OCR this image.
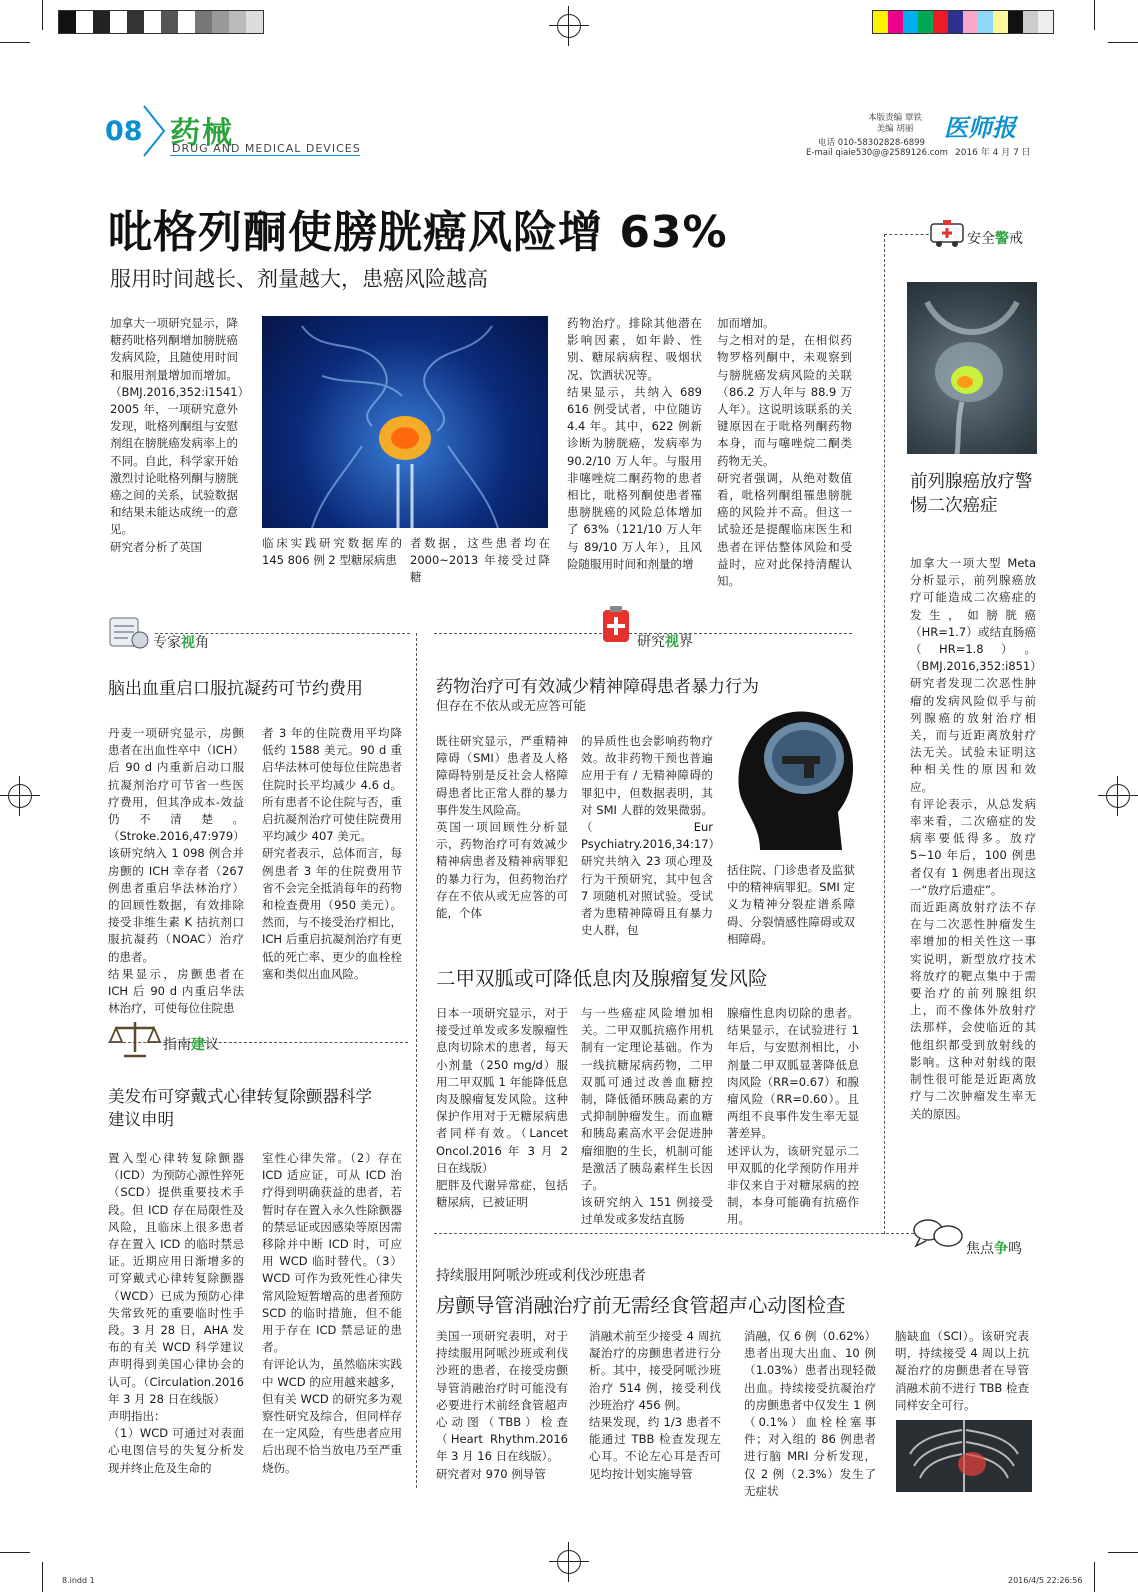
08 药械
DRUG AND MEDICAL DEVICES
本版责编 覃铁
美编 胡丽
电话 010-58302828-6899
E-mail qiaie530@@2589126.com
医师报
2016 年 4 月 7 日
吡格列酮使膀胱癌风险增 63%
服用时间越长、剂量越大，患癌风险越高
加拿大一项研究显示，降糖药吡格列酮增加膀胱癌发病风险，且随使用时间和服用剂量增加而增加。（BMJ.2016,352:i1541）
2005 年，一项研究意外发现，吡格列酮组与安慰剂组在膀胱癌发病率上的不同。自此，科学家开始激烈讨论吡格列酮与膀胱癌之间的关系，试验数据和结果未能达成统一的意见。
研究者分析了英国	临床实践研究数据库的 145 806 例 2 型糖尿病患
者数据，这些患者均在 2000~2013 年接受过降糖
药物治疗。排除其他潜在影响因素，如年龄、性别、糖尿病病程、吸烟状况、饮酒状况等。
结果显示，共纳入 689 616 例受试者，中位随访 4.4 年。其中，622 例新诊断为膀胱癌，发病率为 90.2/10 万人年。与服用非噻唑烷二酮药物的患者相比，吡格列酮使患者罹患膀胱癌的风险总体增加了 63%（121/10 万人年与 89/10 万人年），且风险随服用时间和剂量的增
加而增加。
与之相对的是，在相似药物罗格列酮中，未观察到与膀胱癌发病风险的关联（86.2 万人年与 88.9 万人年）。这说明该联系的关键原因在于吡格列酮药物本身，而与噻唑烷二酮类药物无关。
研究者强调，从绝对数值看，吡格列酮组罹患膀胱癌的风险并不高。但这一试验还是提醒临床医生和患者在评估整体风险和受益时，应对此保持清醒认知。
安全警戒
前列腺癌放疗警惕二次癌症
加拿大一项大型 Meta 分析显示，前列腺癌放疗可能造成二次癌症的发生，如膀胱癌（HR=1.7）或结直肠癌（HR=1.8）。（BMJ.2016,352:i851）
研究者发现二次恶性肿瘤的发病风险似乎与前列腺癌的放射治疗相关，而与近距离放射疗法无关。试验未证明这种相关性的原因和效应。
有评论表示，从总发病率来看，二次癌症的发病率要低得多。放疗 5~10 年后，100 例患者仅有 1 例患者出现这一“放疗后遗症”。
而近距离放射疗法不存在与二次恶性肿瘤发生率增加的相关性这一事实说明，新型放疗技术将放疗的靶点集中于需要治疗的前列腺组织上，而不像体外放射疗法那样，会使临近的其他组织都受到放射线的影响。这种对射线的限制性很可能是近距离放疗与二次肿瘤发生率无关的原因。
专家视角
脑出血重启口服抗凝药可节约费用
丹麦一项研究显示，房颤患者在出血性卒中（ICH）后 90 d 内重新启动口服抗凝剂治疗可节省一些医疗费用，但其净成本-效益仍不清楚。（Stroke.2016,47:979）
该研究纳入 1 098 例合并房颤的 ICH 幸存者（267 例患者重启华法林治疗）的回顾性数据，有效排除接受非维生素 K 拮抗剂口服抗凝药（NOAC）治疗的患者。
结果显示，房颤患者在 ICH 后 90 d 内重启华法林治疗，可使每位住院患
者 3 年的住院费用平均降低约 1588 美元。90 d 重启华法林可使每位住院患者住院时长平均减少 4.6 d。所有患者不论住院与否，重启抗凝剂治疗可使住院费用平均减少 407 美元。
研究者表示，总体而言，每例患者 3 年的住院费用节省不会完全抵消每年的药物和检查费用（950 美元）。然而，与不接受治疗相比，ICH 后重启抗凝剂治疗有更低的死亡率、更少的血栓栓塞和类似出血风险。
研究视界
药物治疗可有效减少精神障碍患者暴力行为
但存在不依从或无应答可能
既往研究显示，严重精神障碍（SMI）患者及人格障碍特别是反社会人格障碍患者比正常人群的暴力事件发生风险高。
英国一项回顾性分析显示，药物治疗可有效减少精神病患者及精神病罪犯的暴力行为，但药物治疗存在不依从或无应答的可能，个体
的异质性也会影响药物疗效。故非药物干预也普遍应用于有 / 无精神障碍的罪犯中，但数据表明，其对 SMI 人群的效果微弱。（Eur Psychiatry.2016,34:17）
研究共纳入 23 项心理及行为干预研究，其中包含 7 项随机对照试验。受试者为患精神障碍且有暴力史人群，包
括住院、门诊患者及监狱中的精神病罪犯。SMI 定义为精神分裂症谱系障碍、分裂情感性障碍或双相障碍。
二甲双胍或可降低息肉及腺瘤复发风险
日本一项研究显示，对于接受过单发或多发腺瘤性息肉切除术的患者，每天小剂量（250 mg/d）服用二甲双胍 1 年能降低息肉及腺瘤复发风险。这种保护作用对于无糖尿病患者同样有效。（Lancet Oncol.2016 年 3 月 2 日在线版）
肥胖及代谢异常症，包括糖尿病，已被证明
与一些癌症风险增加相关。二甲双胍抗癌作用机制有一定理论基础。作为一线抗糖尿病药物，二甲双胍可通过改善血糖控制，降低循环胰岛素的方式抑制肿瘤发生。而血糖和胰岛素高水平会促进肿瘤细胞的生长，机制可能是激活了胰岛素样生长因子。
该研究纳入 151 例接受过单发或多发结直肠
腺瘤性息肉切除的患者。结果显示，在试验进行 1 年后，与安慰剂相比，小剂量二甲双胍显著降低息肉风险（RR=0.67）和腺瘤风险（RR=0.60）。且两组不良事件发生率无显著差异。
述评认为，该研究显示二甲双胍的化学预防作用并非仅来自于对糖尿病的控制，本身可能确有抗癌作用。
指南建议
美发布可穿戴式心律转复除颤器科学建议申明
置入型心律转复除颤器（ICD）为预防心源性猝死（SCD）提供重要技术手段。但 ICD 存在局限性及风险，且临床上很多患者存在置入 ICD 的临时禁忌证。近期应用日渐增多的可穿戴式心律转复除颤器（WCD）已成为预防心律失常致死的重要临时性手段。3 月 28 日，AHA 发布的有关 WCD 科学建议声明得到美国心律协会的认可。（Circulation.2016 年 3 月 28 日在线版）
声明指出：
（1）WCD 可通过对表面心电图信号的失复分析发现并终止危及生命的
室性心律失常。（2）存在 ICD 适应证，可从 ICD 治疗得到明确获益的患者，若暂时存在置入永久性除颤器的禁忌证或因感染等原因需移除并中断 ICD 时，可应用 WCD 临时替代。（3）WCD 可作为致死性心律失常风险短暂增高的患者预防 SCD 的临时措施，但不能用于存在 ICD 禁忌证的患者。
有评论认为，虽然临床实践中 WCD 的应用越来越多，但有关 WCD 的研究多为观察性研究及综合，但同样存在一定风险，有些患者应用后出现不恰当放电乃至严重烧伤。
焦点争鸣
持续服用阿哌沙班或利伐沙班患者
房颤导管消融治疗前无需经食管超声心动图检查
美国一项研究表明，对于持续服用阿哌沙班或利伐沙班的患者，在接受房颤导管消融治疗时可能没有必要进行术前经食管超声心动图（TBB）检查（Heart Rhythm.2016 年 3 月 16 日在线版）。
研究者对 970 例导管
消融术前至少接受 4 周抗凝治疗的房颤患者进行分析。其中，接受阿哌沙班治疗 514 例，接受利伐沙班治疗 456 例。
结果发现，约 1/3 患者不能通过 TBB 检查发现左心耳。不论左心耳是否可见均按计划实施导管
消融，仅 6 例（0.62%）患者出现大出血、10 例（1.03%）患者出现轻微出血。持续接受抗凝治疗的房颤患者中仅发生 1 例（0.1%）血栓栓塞事件；对入组的 86 例患者进行脑 MRI 分析发现，仅 2 例（2.3%）发生了无症状
脑缺血（SCI）。该研究表明，持续接受 4 周以上抗凝治疗的房颤患者在导管消融术前不进行 TBB 检查同样安全可行。
8.indd 1	2016/4/5 22:26:56
